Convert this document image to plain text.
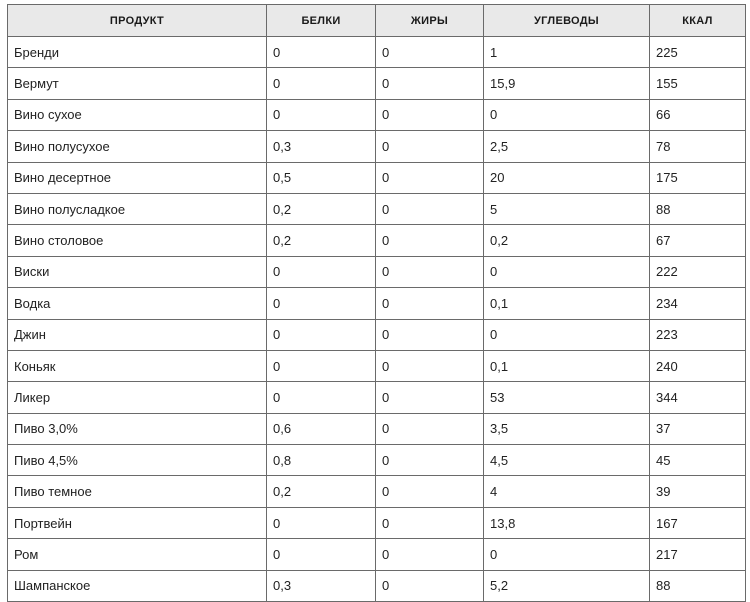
ПРОДУКТ	БЕЛКИ	ЖИРЫ	УГЛЕВОДЫ	ККАЛ
Бренди	0	0	1	225
Вермут	0	0	15,9	155
Вино сухое	0	0	0	66
Вино полусухое	0,3	0	2,5	78
Вино десертное	0,5	0	20	175
Вино полусладкое	0,2	0	5	88
Вино столовое	0,2	0	0,2	67
Виски	0	0	0	222
Водка	0	0	0,1	234
Джин	0	0	0	223
Коньяк	0	0	0,1	240
Ликер	0	0	53	344
Пиво 3,0%	0,6	0	3,5	37
Пиво 4,5%	0,8	0	4,5	45
Пиво темное	0,2	0	4	39
Портвейн	0	0	13,8	167
Ром	0	0	0	217
Шампанское	0,3	0	5,2	88
